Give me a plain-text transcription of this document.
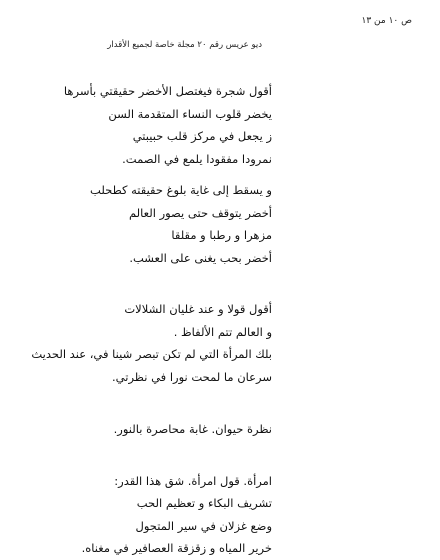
ص ١٠ من ١٣
ديو عريس رقم ٢٠ مجلة خاصة لجميع الأقدار
أقول شجرة فيغتصل الأخضر حقيقتي بأسرها
يخضر قلوب النساء المتقدمة السن
ز يجعل في مركز قلب حبيبتي
نمرودا مفقودا يلمع في الصمت.
و يسقط إلى غاية بلوغ حقيقته كطحلب
أخضر يتوقف حتى يصور العالم
مزهرا و رطبا و مقلقا
أخضر بحب يغنى على العشب.
أقول قولا و عند غليان الشلالات
و العالم تتم الألفاظ .
بلك المرأة التي لم تكن تبصر شينا في، عند الحديث
سرعان ما لمحت نورا في نظرتي.
نظرة حيوان. غابة محاصرة بالنور.
امرأة. قول امرأة. شق هذا القدر:
تشريف البكاء و تعظيم الحب
وضع غزلان في سير المتجول
خرير المياه و زقزقة العصافير في مغناه.
